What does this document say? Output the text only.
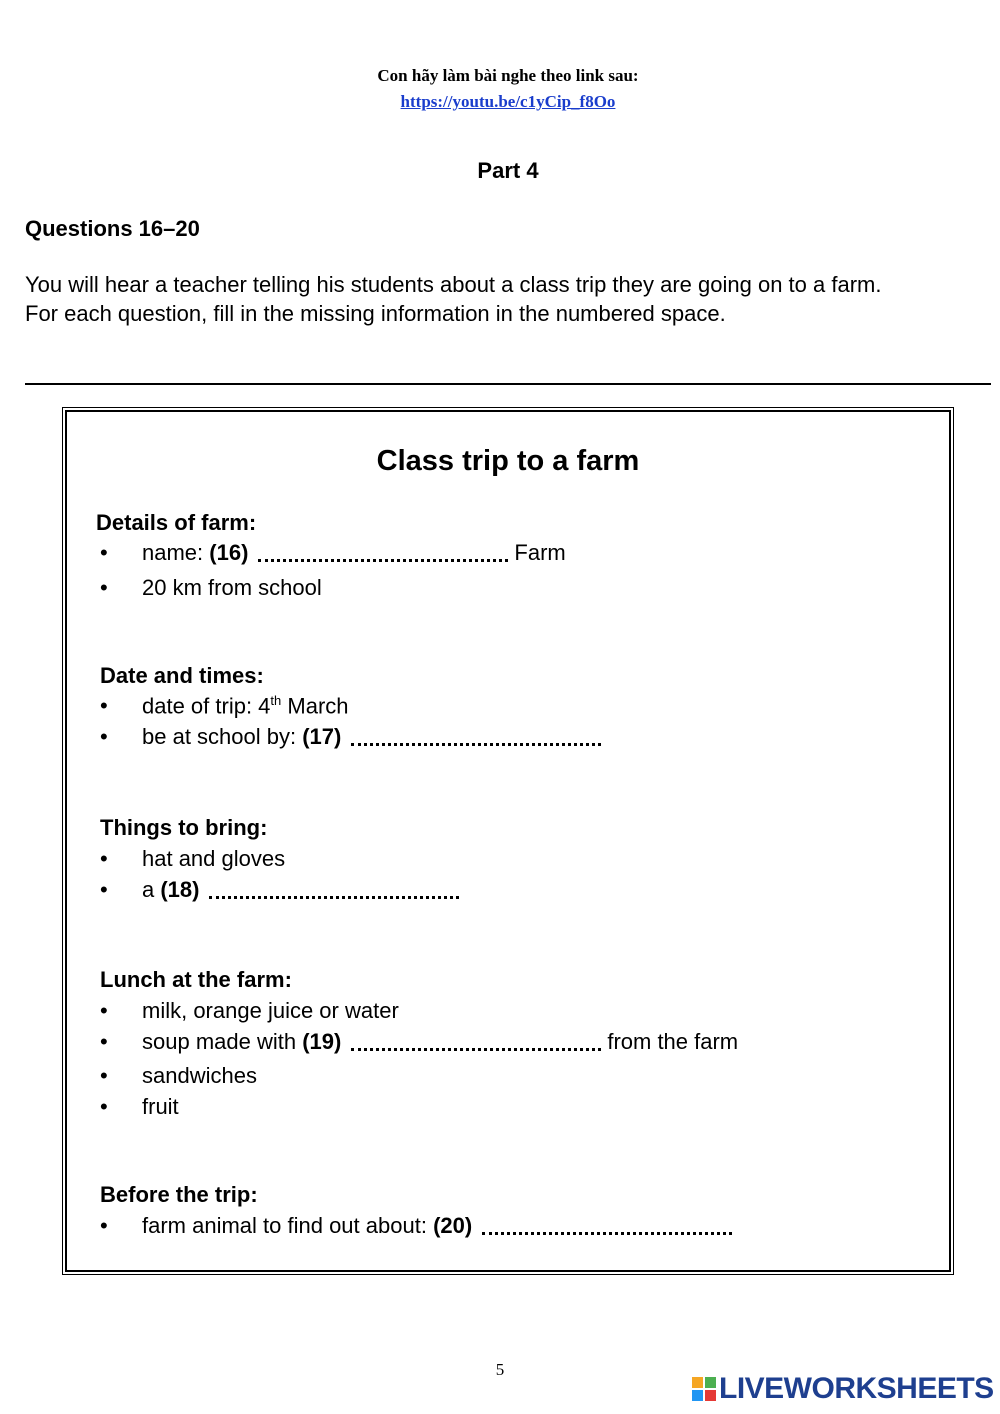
Con hãy làm bài nghe theo link sau:
https://youtu.be/c1yCip_f8Oo
Part 4
Questions 16–20
You will hear a teacher telling his students about a class trip they are going on to a farm.
For each question, fill in the missing information in the numbered space.
Class trip to a farm
Details of farm:
• name: (16)	Farm
• 20 km from school
Date and times:
• date of trip: 4th March
• be at school by: (17)
Things to bring:
• hat and gloves
• a (18)
Lunch at the farm:
• milk, orange juice or water
• soup made with (19)	from the farm
• sandwiches
• fruit
Before the trip:
• farm animal to find out about: (20)
5
LIVEWORKSHEETS
